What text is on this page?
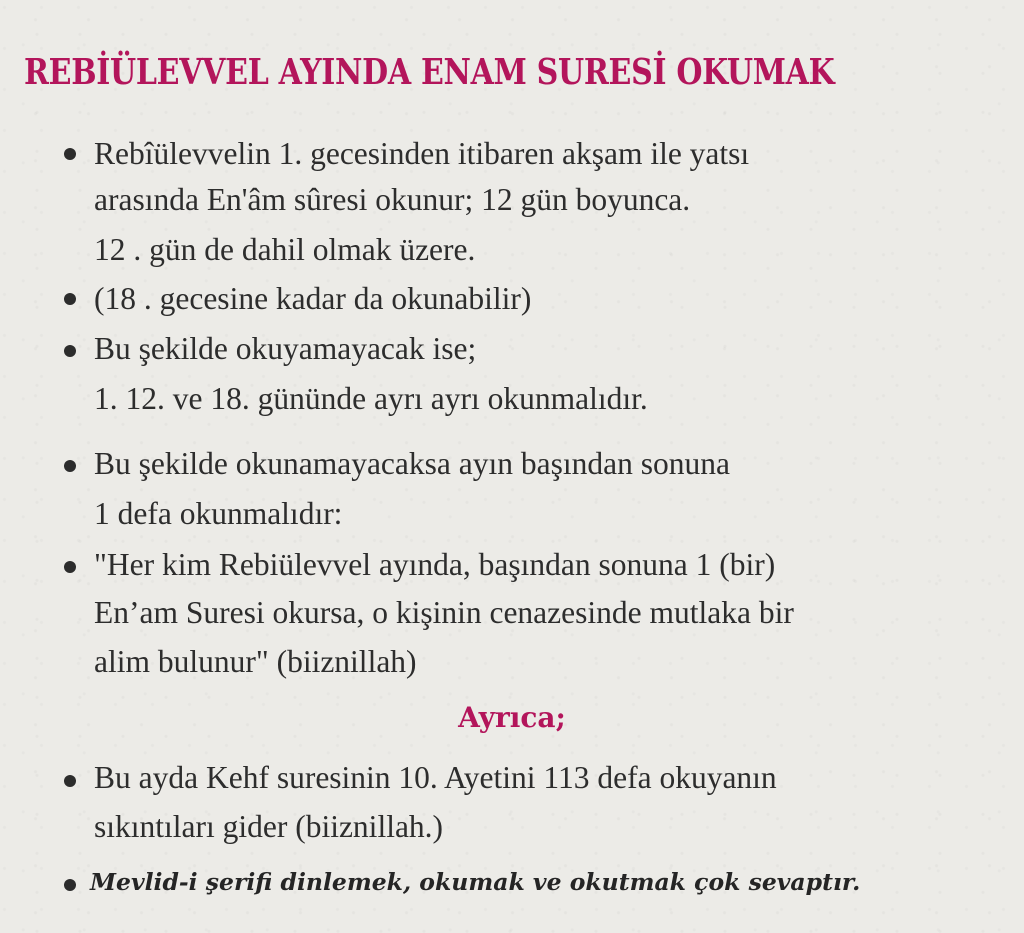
REBİÜLEVVEL AYINDA ENAM SURESİ OKUMAK
Rebîülevvelin 1. gecesinden itibaren akşam ile yatsı
arasında En'âm sûresi okunur; 12 gün boyunca.
12 . gün de dahil olmak üzere.
(18 . gecesine kadar da okunabilir)
Bu şekilde okuyamayacak ise;
1. 12. ve 18. gününde ayrı ayrı okunmalıdır.
Bu şekilde okunamayacaksa ayın başından sonuna
1 defa okunmalıdır:
"Her kim Rebiülevvel ayında, başından sonuna 1 (bir)
En’am Suresi okursa, o kişinin cenazesinde mutlaka bir
alim bulunur" (biiznillah)
Ayrıca;
Bu ayda Kehf suresinin 10. Ayetini 113 defa okuyanın
sıkıntıları gider (biiznillah.)
Mevlid-i şerifi dinlemek, okumak ve okutmak çok sevaptır.
